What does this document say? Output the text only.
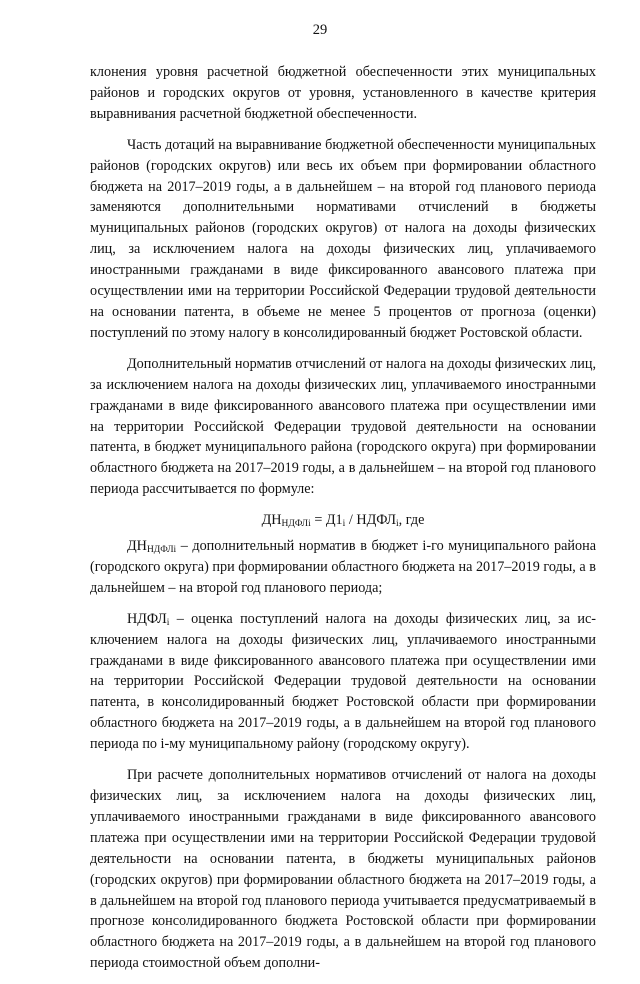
29

клонения уровня расчетной бюджетной обеспеченности этих муниципальных районов и городских округов от уровня, установленного в качестве критерия выравнивания расчетной бюджетной обеспеченности.

Часть дотаций на выравнивание бюджетной обеспеченности муниципальных районов (городских округов) или весь их объем при формировании областного бюджета на 2017–2019 годы, а в дальнейшем – на второй год планового периода заменяются дополнительными нормативами отчислений в бюджеты муниципальных районов (городских округов) от налога на доходы физических лиц, за исключением налога на доходы физических лиц, уплачиваемого иностранными гражданами в виде фиксированного авансового платежа при осуществлении ими на территории Российской Федерации трудовой деятельности на основании патента, в объеме не менее 5 процентов от прогноза (оценки) поступлений по этому налогу в консолидированный бюджет Ростовской области.

Дополнительный норматив отчислений от налога на доходы физических лиц, за исключением налога на доходы физических лиц, уплачиваемого иностранными гражданами в виде фиксированного авансового платежа при осуществлении ими на территории Российской Федерации трудовой деятельности на основании патента, в бюджет муниципального района (городского округа) при формировании областного бюджета на 2017–2019 годы, а в дальнейшем – на второй год планового периода рассчитывается по формуле:

$ДН_{НДФЛi} = Д1_i$ / $НДФЛ_i$, где

$ДН_{НДФЛi}$ – дополнительный норматив в бюджет i-го муниципального района (городского округа) при формировании областного бюджета на 2017–2019 годы, а в дальнейшем – на второй год планового периода;

$НДФЛ_i$ – оценка поступлений налога на доходы физических лиц, за исключением налога на доходы физических лиц, уплачиваемого иностранными гражданами в виде фиксированного авансового платежа при осуществлении ими на территории Российской Федерации трудовой деятельности на основании патента, в консолидированный бюджет Ростовской области при формировании областного бюджета на 2017–2019 годы, а в дальнейшем на второй год планового периода по i-му муниципальному району (городскому округу).

При расчете дополнительных нормативов отчислений от налога на доходы физических лиц, за исключением налога на доходы физических лиц, уплачиваемого иностранными гражданами в виде фиксированного авансового платежа при осуществлении ими на территории Российской Федерации трудовой деятельности на основании патента, в бюджеты муниципальных районов (городских округов) при формировании областного бюджета на 2017–2019 годы, а в дальнейшем на второй год планового периода учитывается предусматриваемый в прогнозе консолидированного бюджета Ростовской области при формировании областного бюджета на 2017–2019 годы, а в дальнейшем на второй год планового периода стоимостной объем дополни-
